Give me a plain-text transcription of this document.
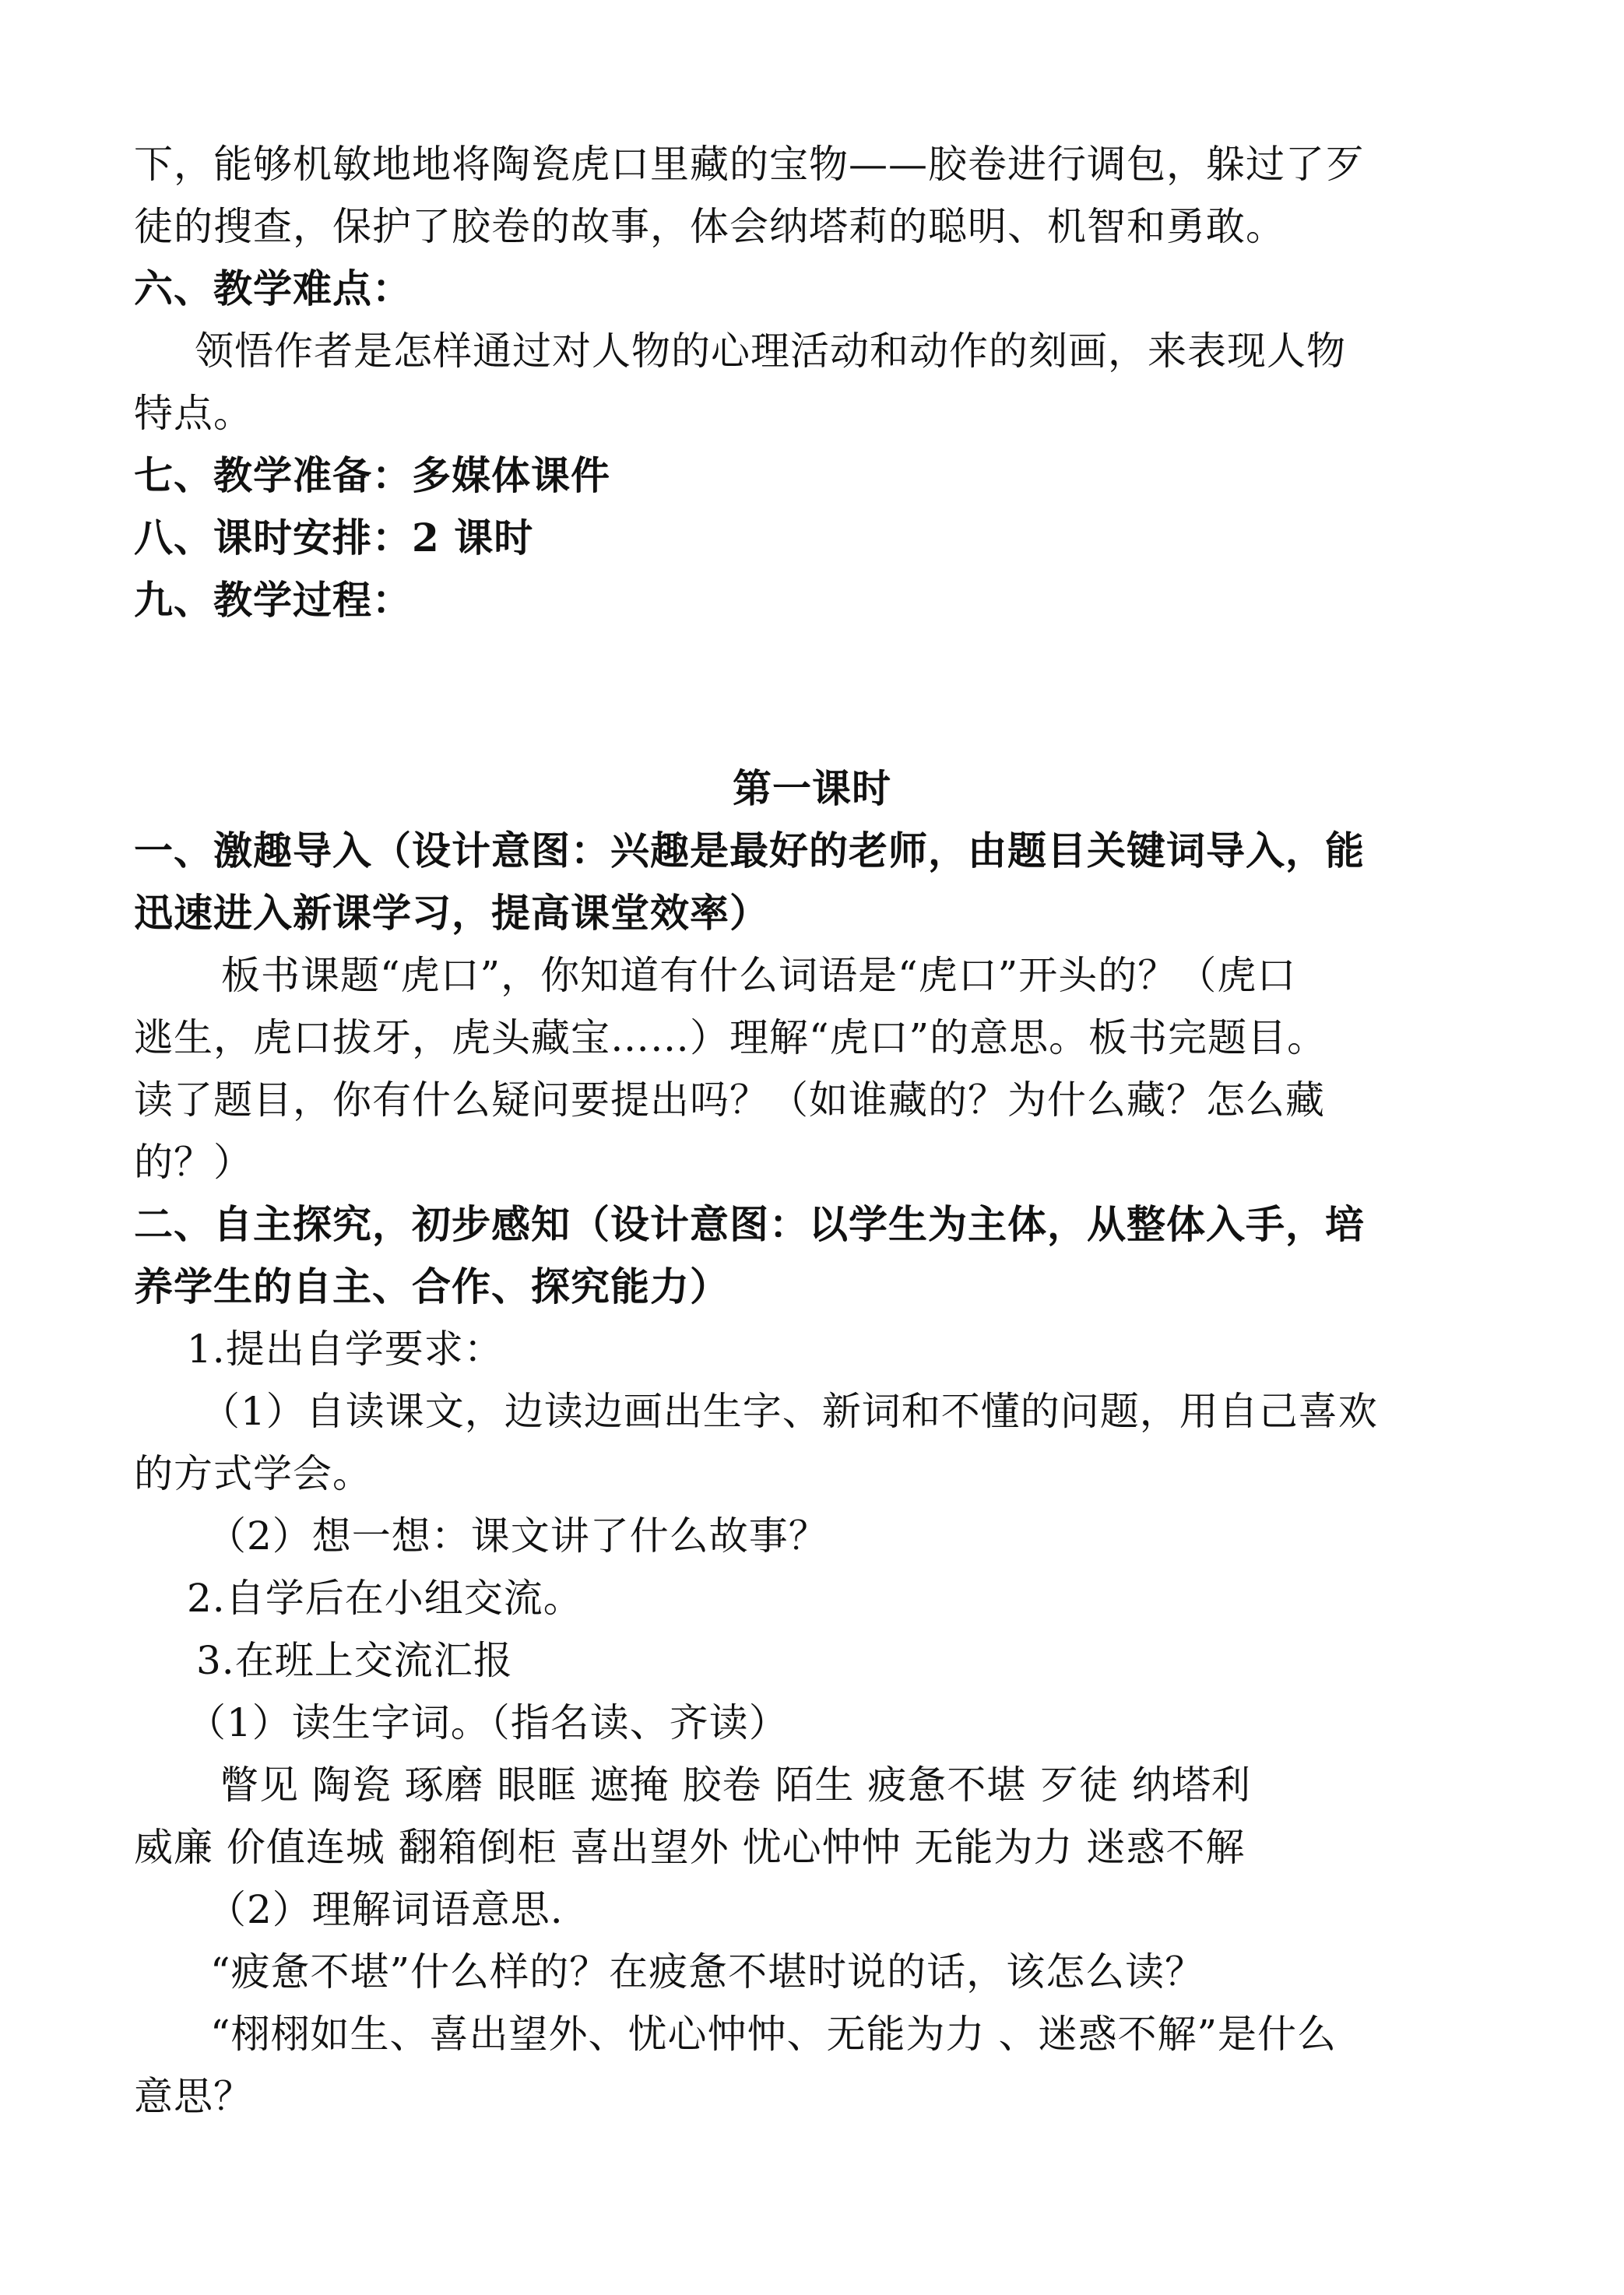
下，能够机敏地地将陶瓷虎口里藏的宝物——胶卷进行调包，躲过了歹
徒的搜查，保护了胶卷的故事，体会纳塔莉的聪明、机智和勇敢。
六、教学难点：
领悟作者是怎样通过对人物的心理活动和动作的刻画，来表现人物
特点。
七、教学准备：多媒体课件
八、课时安排：2 课时
九、教学过程：
第一课时
一、激趣导入（设计意图：兴趣是最好的老师，由题目关键词导入，能
迅速进入新课学习，提高课堂效率）
板书课题“虎口”，你知道有什么词语是“虎口”开头的？（虎口
逃生，虎口拔牙，虎头藏宝……）理解“虎口”的意思。板书完题目。
读了题目，你有什么疑问要提出吗？（如谁藏的？为什么藏？怎么藏
的？）
二、自主探究，初步感知（设计意图：以学生为主体，从整体入手，培
养学生的自主、合作、探究能力）
1.提出自学要求：
（1）自读课文，边读边画出生字、新词和不懂的问题，用自己喜欢
的方式学会。
（2）想一想：课文讲了什么故事？
2.自学后在小组交流。
3.在班上交流汇报
（1）读生字词。（指名读、齐读）
瞥见 陶瓷 琢磨 眼眶 遮掩 胶卷 陌生 疲惫不堪 歹徒 纳塔利
威廉 价值连城 翻箱倒柜 喜出望外 忧心忡忡 无能为力 迷惑不解
（2）理解词语意思.
“疲惫不堪”什么样的？在疲惫不堪时说的话，该怎么读？
“栩栩如生、喜出望外、忧心忡忡、无能为力 、迷惑不解”是什么
意思？
